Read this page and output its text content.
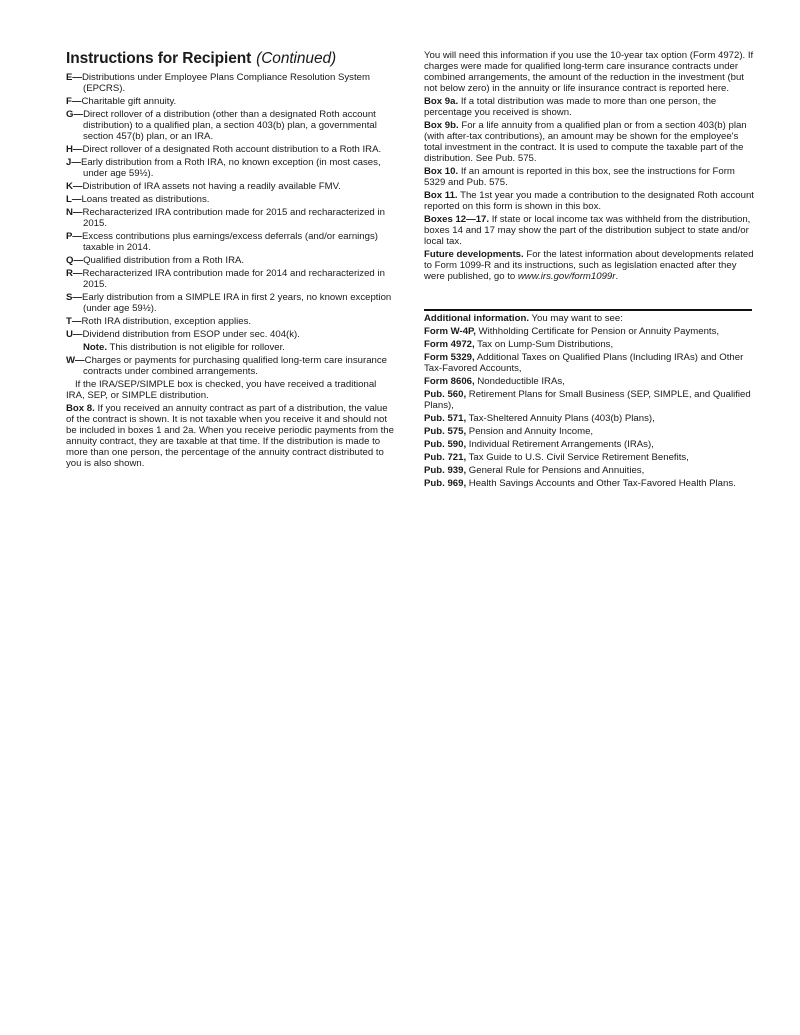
Instructions for Recipient (Continued)

E—Distributions under Employee Plans Compliance Resolution System (EPCRS).

F—Charitable gift annuity.

G—Direct rollover of a distribution (other than a designated Roth account distribution) to a qualified plan, a section 403(b) plan, a governmental section 457(b) plan, or an IRA.

H—Direct rollover of a designated Roth account distribution to a Roth IRA.

J—Early distribution from a Roth IRA, no known exception (in most cases, under age 59½).

K—Distribution of IRA assets not having a readily available FMV.

L—Loans treated as distributions.

N—Recharacterized IRA contribution made for 2015 and recharacterized in 2015.

P—Excess contributions plus earnings/excess deferrals (and/or earnings) taxable in 2014.

Q—Qualified distribution from a Roth IRA.

R—Recharacterized IRA contribution made for 2014 and recharacterized in 2015.

S—Early distribution from a SIMPLE IRA in first 2 years, no known exception (under age 59½).

T—Roth IRA distribution, exception applies.

U—Dividend distribution from ESOP under sec. 404(k).

Note. This distribution is not eligible for rollover.

W—Charges or payments for purchasing qualified long-term care insurance contracts under combined arrangements.

If the IRA/SEP/SIMPLE box is checked, you have received a traditional IRA, SEP, or SIMPLE distribution.

Box 8. If you received an annuity contract as part of a distribution, the value of the contract is shown. It is not taxable when you receive it and should not be included in boxes 1 and 2a. When you receive periodic payments from the annuity contract, they are taxable at that time. If the distribution is made to more than one person, the percentage of the annuity contract distributed to you is also shown.

You will need this information if you use the 10-year tax option (Form 4972). If charges were made for qualified long-term care insurance contracts under combined arrangements, the amount of the reduction in the investment (but not below zero) in the annuity or life insurance contract is reported here.

Box 9a. If a total distribution was made to more than one person, the percentage you received is shown.

Box 9b. For a life annuity from a qualified plan or from a section 403(b) plan (with after-tax contributions), an amount may be shown for the employee's total investment in the contract. It is used to compute the taxable part of the distribution. See Pub. 575.

Box 10. If an amount is reported in this box, see the instructions for Form 5329 and Pub. 575.

Box 11. The 1st year you made a contribution to the designated Roth account reported on this form is shown in this box.

Boxes 12—17. If state or local income tax was withheld from the distribution, boxes 14 and 17 may show the part of the distribution subject to state and/or local tax.

Future developments. For the latest information about developments related to Form 1099-R and its instructions, such as legislation enacted after they were published, go to www.irs.gov/form1099r.

Additional information. You may want to see:

Form W-4P, Withholding Certificate for Pension or Annuity Payments,

Form 4972, Tax on Lump-Sum Distributions,

Form 5329, Additional Taxes on Qualified Plans (Including IRAs) and Other Tax-Favored Accounts,

Form 8606, Nondeductible IRAs,

Pub. 560, Retirement Plans for Small Business (SEP, SIMPLE, and Qualified Plans),

Pub. 571, Tax-Sheltered Annuity Plans (403(b) Plans),

Pub. 575, Pension and Annuity Income,

Pub. 590, Individual Retirement Arrangements (IRAs),

Pub. 721, Tax Guide to U.S. Civil Service Retirement Benefits,

Pub. 939, General Rule for Pensions and Annuities,

Pub. 969, Health Savings Accounts and Other Tax-Favored Health Plans.
